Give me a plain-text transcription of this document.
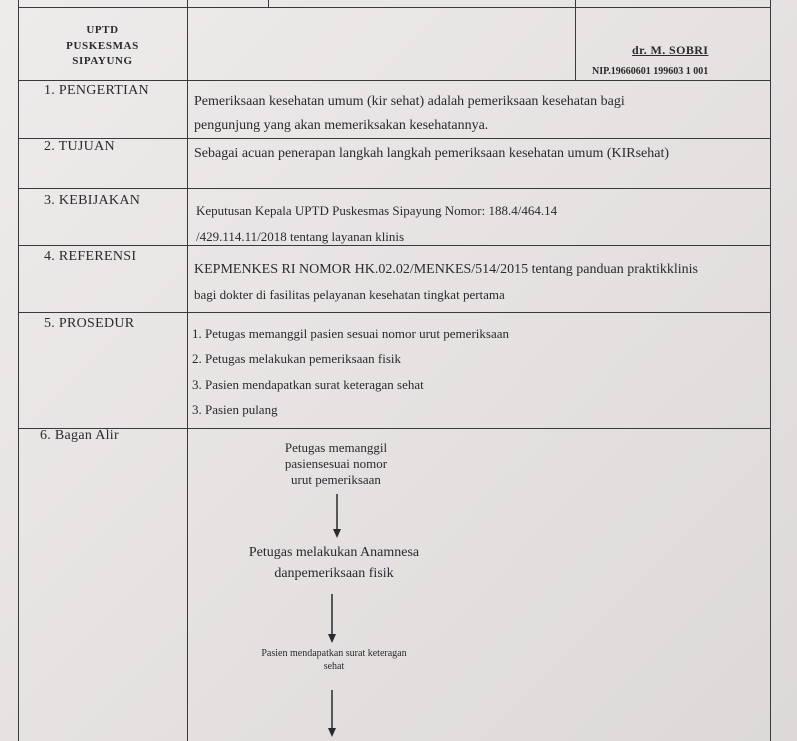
UPTD
PUSKESMAS
SIPAYUNG
dr. M. SOBRI
NIP.19660601 199603 1 001
1. PENGERTIAN
Pemeriksaan kesehatan umum (kir sehat) adalah pemeriksaan kesehatan bagi
pengunjung yang akan memeriksakan kesehatannya.
2. TUJUAN	Sebagai acuan penerapan langkah langkah pemeriksaan kesehatan umum (KIRsehat)
3. KEBIJAKAN
Keputusan Kepala UPTD Puskesmas Sipayung Nomor: 188.4/464.14
/429.114.11/2018 tentang layanan klinis
4. REFERENSI
KEPMENKES RI NOMOR HK.02.02/MENKES/514/2015 tentang panduan praktikklinis
bagi dokter di fasilitas pelayanan kesehatan tingkat pertama
5. PROSEDUR
1. Petugas memanggil pasien sesuai nomor urut pemeriksaan
2. Petugas melakukan pemeriksaan fisik
3. Pasien mendapatkan surat keteragan sehat
3. Pasien pulang
6. Bagan Alir
Petugas memanggil
pasiensesuai nomor
urut pemeriksaan
Petugas melakukan Anamnesa
danpemeriksaan fisik
Pasien mendapatkan surat keteragan
sehat
